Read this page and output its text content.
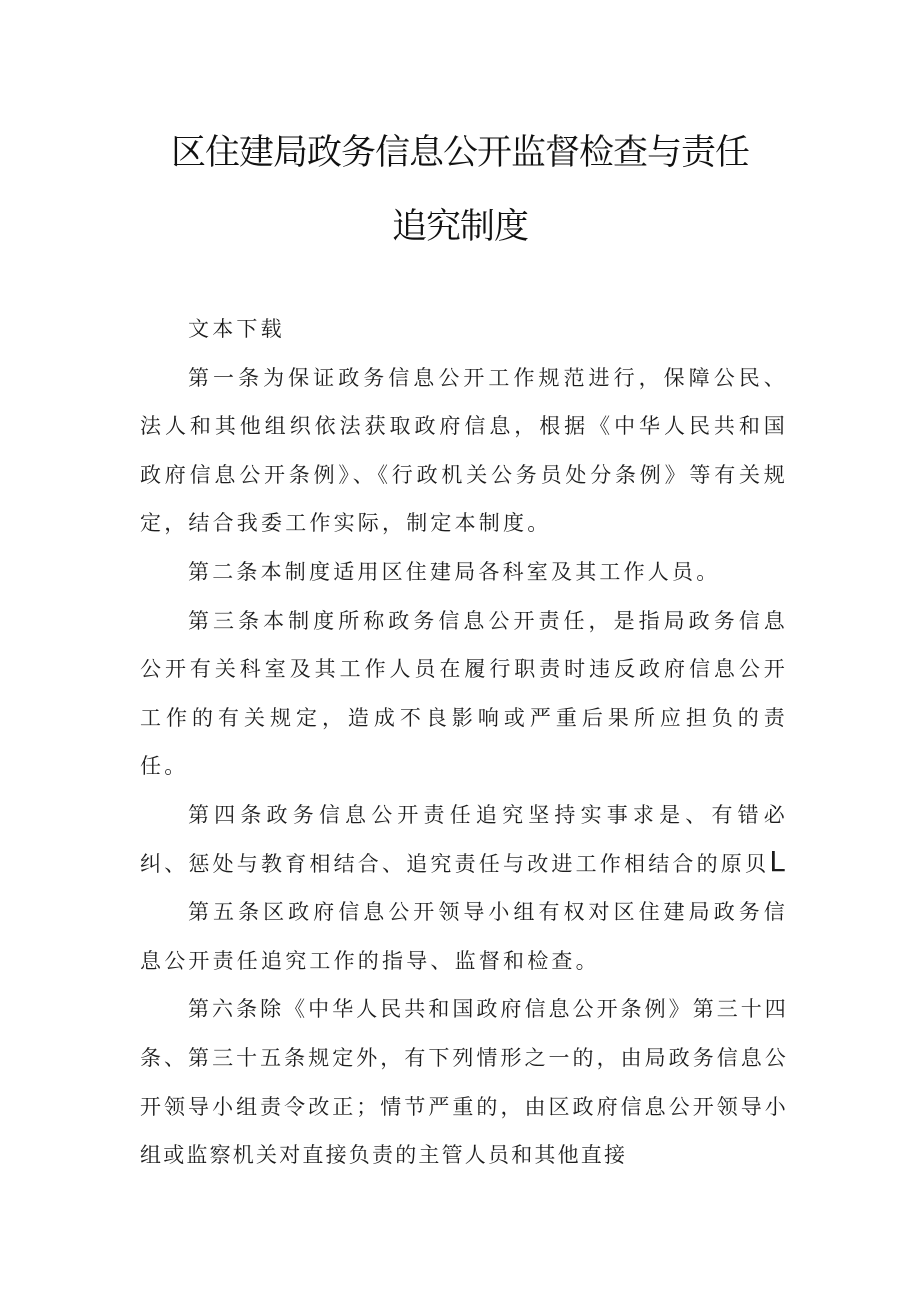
区住建局政务信息公开监督检查与责任
追究制度

文本下载

第一条为保证政务信息公开工作规范进行，保障公民、法人和其他组织依法获取政府信息，根据《中华人民共和国政府信息公开条例》、《行政机关公务员处分条例》等有关规定，结合我委工作实际，制定本制度。

第二条本制度适用区住建局各科室及其工作人员。

第三条本制度所称政务信息公开责任，是指局政务信息公开有关科室及其工作人员在履行职责时违反政府信息公开工作的有关规定，造成不良影响或严重后果所应担负的责任。

第四条政务信息公开责任追究坚持实事求是、有错必纠、惩处与教育相结合、追究责任与改进工作相结合的原贝L

第五条区政府信息公开领导小组有权对区住建局政务信息公开责任追究工作的指导、监督和检查。

第六条除《中华人民共和国政府信息公开条例》第三十四条、第三十五条规定外，有下列情形之一的，由局政务信息公开领导小组责令改正；情节严重的，由区政府信息公开领导小组或监察机关对直接负责的主管人员和其他直接
